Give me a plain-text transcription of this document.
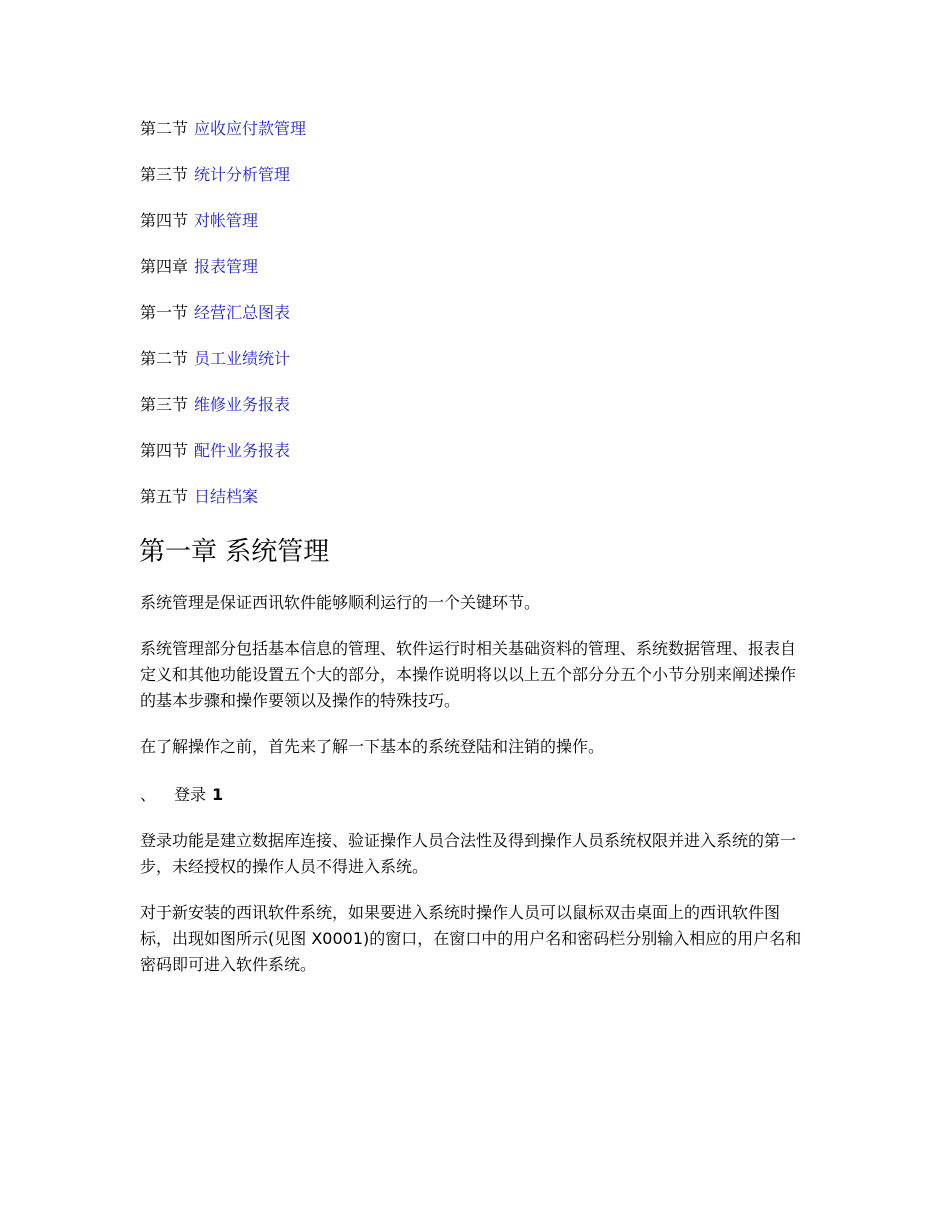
第二节 应收应付款管理
第三节 统计分析管理
第四节 对帐管理
第四章 报表管理
第一节 经营汇总图表
第二节 员工业绩统计
第三节 维修业务报表
第四节 配件业务报表
第五节 日结档案
第一章 系统管理

系统管理是保证西讯软件能够顺利运行的一个关键环节。

系统管理部分包括基本信息的管理、软件运行时相关基础资料的管理、系统数据管理、报表自定义和其他功能设置五个大的部分，本操作说明将以以上五个部分分五个小节分别来阐述操作的基本步骤和操作要领以及操作的特殊技巧。

在了解操作之前，首先来了解一下基本的系统登陆和注销的操作。

、 登录 1

登录功能是建立数据库连接、验证操作人员合法性及得到操作人员系统权限并进入系统的第一步，未经授权的操作人员不得进入系统。

对于新安装的西讯软件系统，如果要进入系统时操作人员可以鼠标双击桌面上的西讯软件图标，出现如图所示(见图 X0001)的窗口，在窗口中的用户名和密码栏分别输入相应的用户名和密码即可进入软件系统。
